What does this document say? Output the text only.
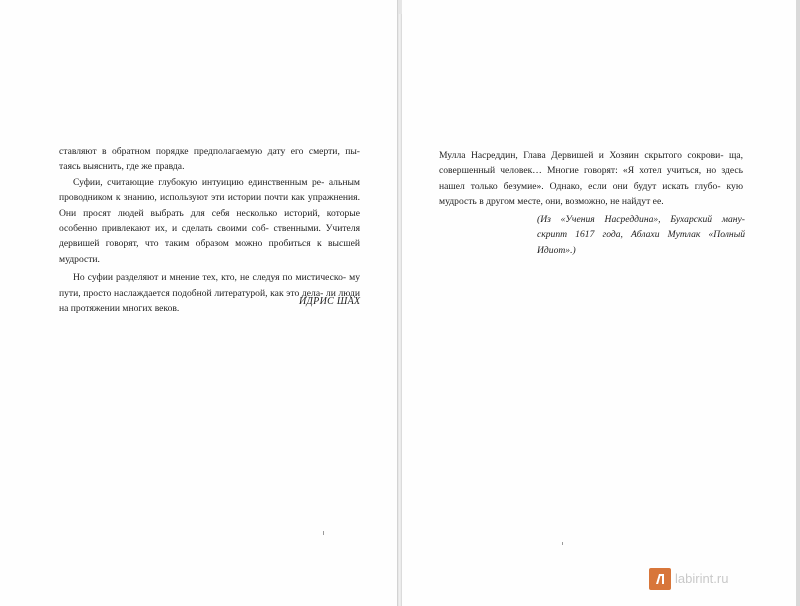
ставляют в обратном порядке предполагаемую дату его смерти, пы- таясь выяснить, где же правда.

Суфии, считающие глубокую интуицию единственным ре- альным проводником к знанию, используют эти истории почти как упражнения. Они просят людей выбрать для себя несколько историй, которые особенно привлекают их, и сделать своими соб- ственными. Учителя дервишей говорят, что таким образом можно пробиться к высшей мудрости.

Но суфии разделяют и мнение тех, кто, не следуя по мистическо- му пути, просто наслаждается подобной литературой, как это дела- ли люди на протяжении многих веков.

ИДРИС ШАХ

Мулла Насреддин, Глава Дервишей и Хозяин скрытого сокрови- ща, совершенный человек… Многие говорят: «Я хотел учиться, но здесь нашел только безумие». Однако, если они будут искать глубо- кую мудрость в другом месте, они, возможно, не найдут ее.

(Из «Учения Насреддина», Бухарский ману- скрипт 1617 года, Аблахи Мутлак «Полный Идиот».)

labirint.ru
